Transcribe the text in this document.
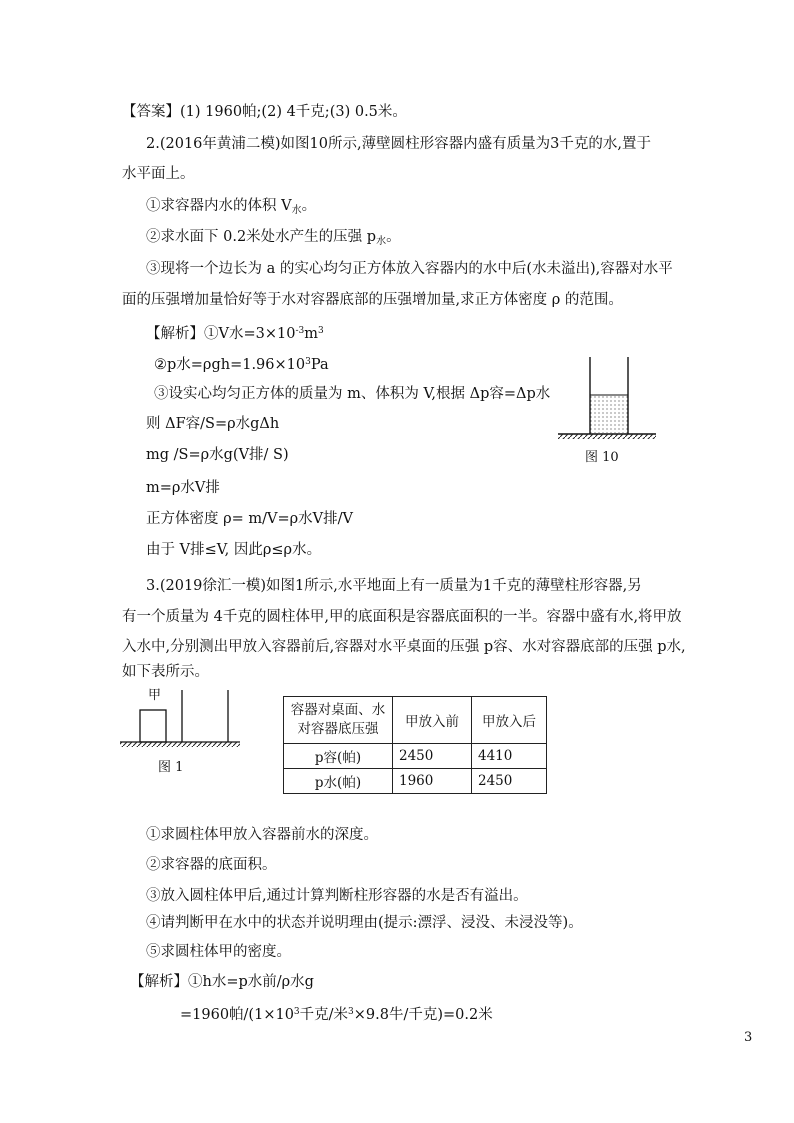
【答案】(1) 1960帕;(2) 4千克;(3) 0.5米。
2.(2016年黄浦二模)如图10所示,薄壁圆柱形容器内盛有质量为3千克的水,置于
水平面上。
①求容器内水的体积 $V_水$。
②求水面下 0.2米处水产生的压强 $p_水$。
③现将一个边长为 a 的实心均匀正方体放入容器内的水中后(水未溢出),容器对水平
面的压强增加量恰好等于水对容器底部的压强增加量,求正方体密度 ρ 的范围。
【解析】①V水$=3\times 10^{-3}m^3$
②p水$=\rho gh=1.96\times 10^3Pa$
③设实心均匀正方体的质量为 m、体积为 V,根据 Δp容=Δp水
则 ΔF容/S=ρ水gΔh
mg /S=ρ水g(V排/ S)
m=ρ水V排
正方体密度 ρ= m/V=ρ水V排/V
由于 V排≤V, 因此ρ≤ρ水。
图 10
3.(2019徐汇一模)如图1所示,水平地面上有一质量为1千克的薄壁柱形容器,另
有一个质量为 4千克的圆柱体甲,甲的底面积是容器底面积的一半。容器中盛有水,将甲放
入水中,分别测出甲放入容器前后,容器对水平桌面的压强 p容、水对容器底部的压强 p水,
如下表所示。
甲
图 1
容器对桌面、水
对容器底压强	甲放入前	甲放入后
p容(帕)	2450	4410
p水(帕)	1960	2450
①求圆柱体甲放入容器前水的深度。
②求容器的底面积。
③放入圆柱体甲后,通过计算判断柱形容器的水是否有溢出。
④请判断甲在水中的状态并说明理由(提示:漂浮、浸没、未浸没等)。
⑤求圆柱体甲的密度。
【解析】①h水=p水前/ρ水g
=1960帕$/(1\times 10^3$千克/米$^3$×9.8牛/千克)=0.2米
3
